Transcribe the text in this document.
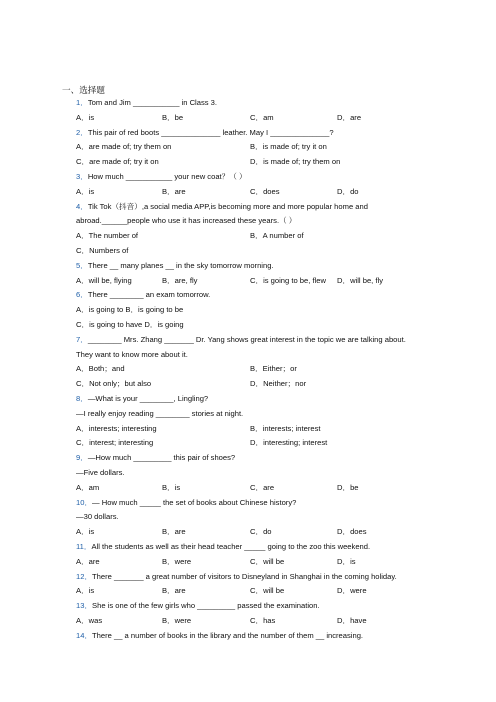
一、选择题
1．Tom and Jim ___________ in Class 3.
A．is	B．be	C．am	D．are
2．This pair of red boots ______________ leather. May I ______________?
A．are made of; try them on	B．is made of; try it on
C．are made of; try it on	D．is made of; try them on
3．How much ___________ your new coat？（ ）
A．is	B．are	C．does	D．do
4．Tik Tok（抖音）,a social media APP,is becoming more and more popular home and
abroad.______people who use it has increased these years.（ ）
A．The number of	B．A number of
C．Numbers of
5．There __ many planes __ in the sky tomorrow morning.
A．will be, flying	B．are, fly	C．is going to be, flew D．will be, fly
6．There ________ an exam tomorrow.
A．is going to B．is going to be
C．is going to have D．is going
7．________ Mrs. Zhang _______ Dr. Yang shows great interest in the topic we are talking about.
They want to know more about it.
A．Both；and	B．Either；or
C．Not only；but also	D．Neither；nor
8．—What is your ________, Lingling?
—I really enjoy reading ________ stories at night.
A．interests; interesting	B．interests; interest
C．interest; interesting	D．interesting; interest
9．—How much _________ this pair of shoes?
—Five dollars.
A．am	B．is	C．are	D．be
10．— How much _____ the set of books about Chinese history?
—30 dollars.
A．is	B．are	C．do	D．does
11．All the students as well as their head teacher _____ going to the zoo this weekend.
A．are	B．were	C．will be	D．is
12．There _______ a great number of visitors to Disneyland in Shanghai in the coming holiday.
A．is	B．are	C．will be	D．were
13．She is one of the few girls who _________ passed the examination.
A．was	B．were	C．has	D．have
14．There __ a number of books in the library and the number of them __ increasing.
